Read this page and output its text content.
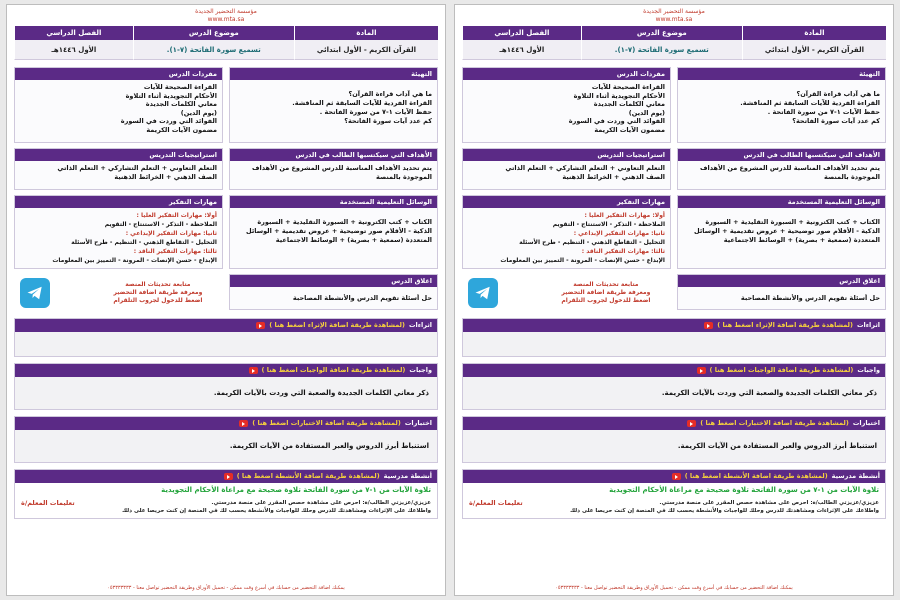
مؤسسة التحضير الجديدة
www.mta.sa
المادة
موضوع الدرس
الفصل الدراسي
القرآن الكريم - الأول ابتدائي
تسميع سورة الفاتحة (٧-١).
الأول ١٤٤٦هـ
التهيئة
ما هي آداب قراءة القرآن؟
القراءة الفردية للآيات السابقة ثم المناقشة.
حفظ الآيات ١-٧ من سورة الفاتحة .
كم عدد آيات سورة الفاتحة؟
الأهداف التي سيكتسبها الطالب في الدرس
يتم تحديد الأهداف المناسبة للدرس المشروع من الأهداف
الموجودة بالمنصة
الوسائل التعليمية المستخدمة
الكتاب + كتب الكترونية + السبورة التقليدية + السبورة
الذكية - الأقلام صور توضيحية + عروض تقديمية + الوسائل
المتعددة (سمعية + بصرية) + الوسائط الاجتماعية
اغلاق الدرس
حل أسئلة تقويم الدرس والأنشطة المصاحبة
مفردات الدرس
القراءة الصحيحة للآيات
الأحكام التجويدية أثناء التلاوة
معاني الكلمات الجديدة
(يوم الدين)
الفوائد التي وردت في السورة
مضمون الآيات الكريمة
استراتيجيات التدريس
التعلم التعاوني + التعلم التشاركي + التعلم الذاتي
الصف الذهني + الخرائط الذهنية
مهارات التفكير
أولا: مهارات التفكير العليا :
الملاحظة - التذكر - الاستنتاج - التقويم
ثانيا: مهارات التفكير الإبداعي :
التحليل - التقاطع الذهني - التنظيم - طرح الأسئلة
ثالثا: مهارات التفكير الناقد :
الإبداع - حسن الإنصات - المرونة - التمييز بين المعلومات
متابعة تحديثات المنصة
ومعرفة طريقة اضافة التحضير
اضغط للدخول لجروب التلقرام
اثراءات
(لمشاهدة طريقة اضافة الإثراء اضغط هنا )
واجبات
(لمشاهدة طريقة اضافة الواجبات اضغط هنا )
ذكر معاني الكلمات الجديدة والصعبة التي وردت بالآيات الكريمة.
اختبارات
(لمشاهدة طريقة اضافة الاختبارات اضغط هنا )
استنباط أبرز الدروس والعبر المستفادة من الآيات الكريمة.
أنشطة مدرسية
(لمشاهدة طريقة اضافة الأنشطة اضغط هنا )
تلاوة الآيات من ١-٧ من سورة الفاتحة تلاوة صحيحة مع مراعاة الأحكام التجويدية
عزيزي/عزيزتي الطالب/ة: احرص على مشاهدة حصص المقرر على منصة مدرستي.
واطلاعك على الإثراءات ومشاهدتك للدرس وحلك للواجبات والأنشطة يحسب لك في المنصة إن كنت حريصا على ذلك
تعليمات المعلم/ة
يمكنك اضافة التحضير من حسابك في أسرع وقت ممكن - تحميل الأوراق وطريقة التحضير تواصل معنا - ٠٥٣٣٣٣٣٣٣
مؤسسة التحضير الجديدة
www.mta.sa
المادة
موضوع الدرس
الفصل الدراسي
القرآن الكريم - الأول ابتدائي
تسميع سورة الفاتحة (٧-١).
الأول ١٤٤٦هـ
التهيئة
ما هي آداب قراءة القرآن؟
القراءة الفردية للآيات السابقة ثم المناقشة.
حفظ الآيات ١-٧ من سورة الفاتحة .
كم عدد آيات سورة الفاتحة؟
الأهداف التي سيكتسبها الطالب في الدرس
يتم تحديد الأهداف المناسبة للدرس المشروع من الأهداف
الموجودة بالمنصة
الوسائل التعليمية المستخدمة
الكتاب + كتب الكترونية + السبورة التقليدية + السبورة
الذكية - الأقلام صور توضيحية + عروض تقديمية + الوسائل
المتعددة (سمعية + بصرية) + الوسائط الاجتماعية
اغلاق الدرس
حل أسئلة تقويم الدرس والأنشطة المصاحبة
مفردات الدرس
القراءة الصحيحة للآيات
الأحكام التجويدية أثناء التلاوة
معاني الكلمات الجديدة
(يوم الدين)
الفوائد التي وردت في السورة
مضمون الآيات الكريمة
استراتيجيات التدريس
التعلم التعاوني + التعلم التشاركي + التعلم الذاتي
الصف الذهني + الخرائط الذهنية
مهارات التفكير
أولا: مهارات التفكير العليا :
الملاحظة - التذكر - الاستنتاج - التقويم
ثانيا: مهارات التفكير الإبداعي :
التحليل - التقاطع الذهني - التنظيم - طرح الأسئلة
ثالثا: مهارات التفكير الناقد :
الإبداع - حسن الإنصات - المرونة - التمييز بين المعلومات
متابعة تحديثات المنصة
ومعرفة طريقة اضافة التحضير
اضغط للدخول لجروب التلقرام
اثراءات
(لمشاهدة طريقة اضافة الإثراء اضغط هنا )
واجبات
(لمشاهدة طريقة اضافة الواجبات اضغط هنا )
ذكر معاني الكلمات الجديدة والصعبة التي وردت بالآيات الكريمة.
اختبارات
(لمشاهدة طريقة اضافة الاختبارات اضغط هنا )
استنباط أبرز الدروس والعبر المستفادة من الآيات الكريمة.
أنشطة مدرسية
(لمشاهدة طريقة اضافة الأنشطة اضغط هنا )
تلاوة الآيات من ١-٧ من سورة الفاتحة تلاوة صحيحة مع مراعاة الأحكام التجويدية
عزيزي/عزيزتي الطالب/ة: احرص على مشاهدة حصص المقرر على منصة مدرستي.
واطلاعك على الإثراءات ومشاهدتك للدرس وحلك للواجبات والأنشطة يحسب لك في المنصة إن كنت حريصا على ذلك
تعليمات المعلم/ة
يمكنك اضافة التحضير من حسابك في أسرع وقت ممكن - تحميل الأوراق وطريقة التحضير تواصل معنا - ٠٥٣٣٣٣٣٣٣
